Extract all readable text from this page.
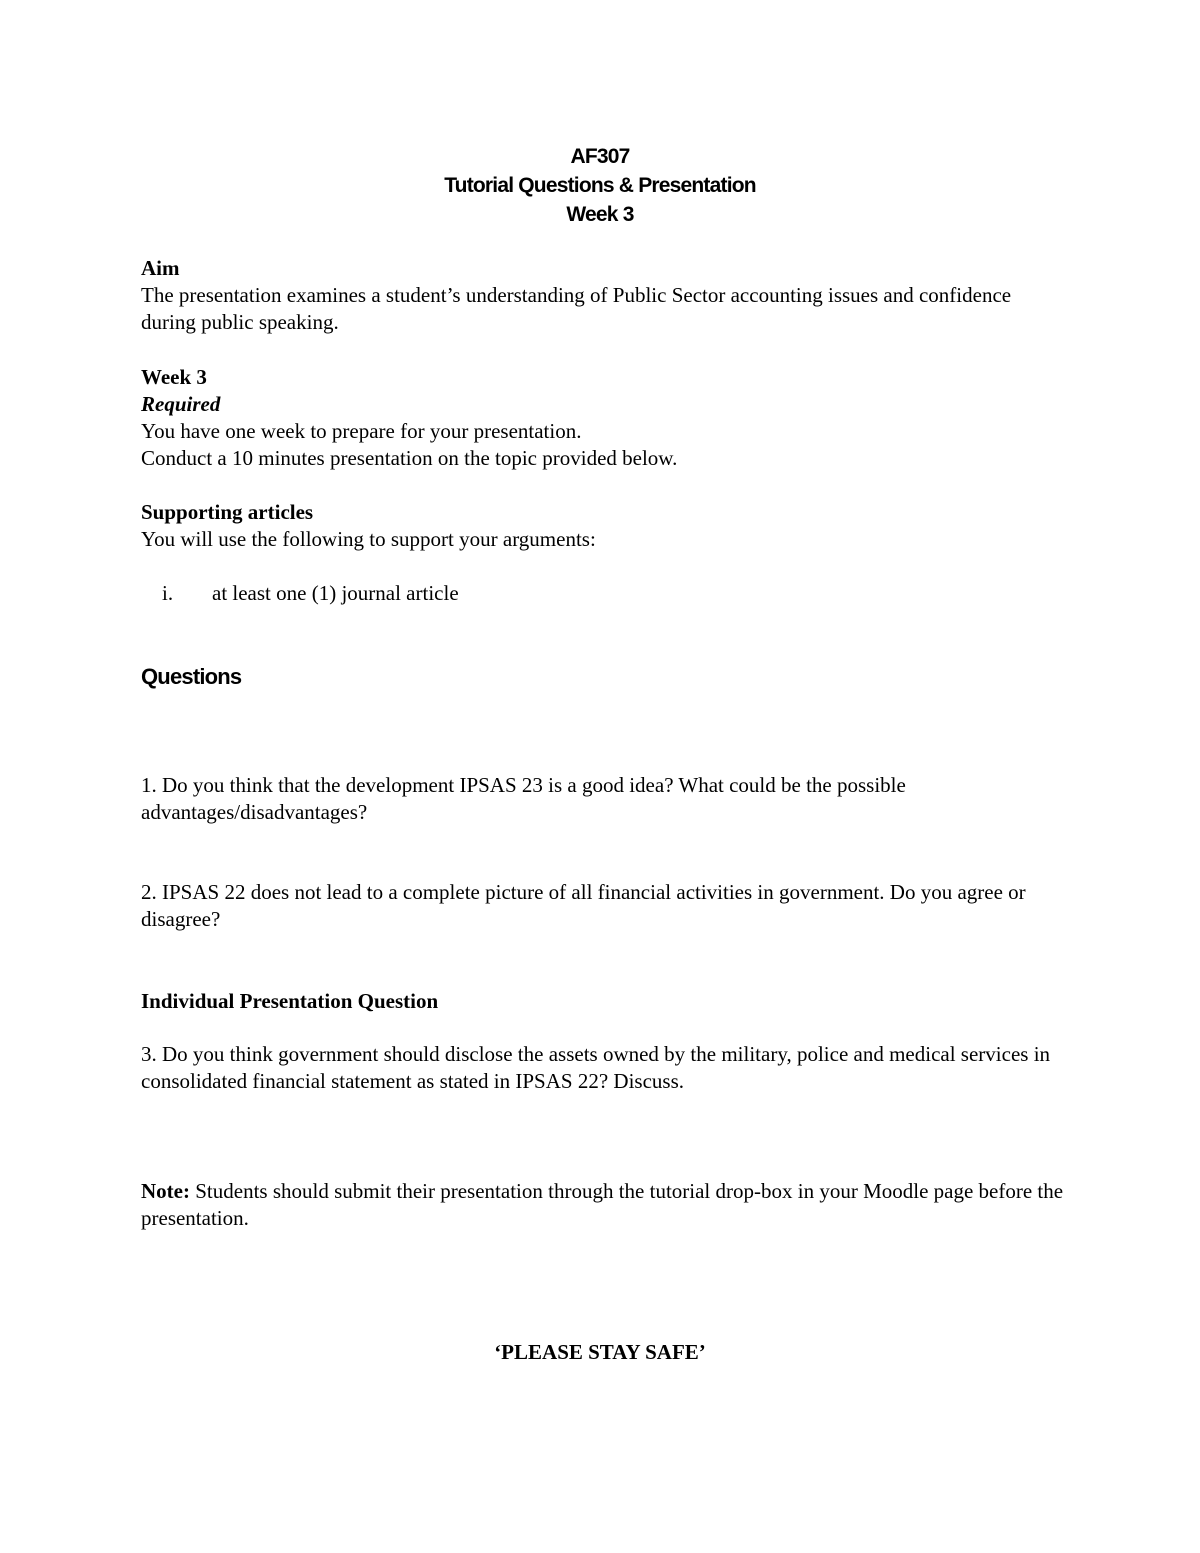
AF307
Tutorial Questions & Presentation
Week 3
Aim
The presentation examines a student’s understanding of Public Sector accounting issues and confidence during public speaking.
Week 3
Required
You have one week to prepare for your presentation.
Conduct a 10 minutes presentation on the topic provided below.
Supporting articles
You will use the following to support your arguments:
i. at least one (1) journal article
Questions
1. Do you think that the development IPSAS 23 is a good idea? What could be the possible advantages/disadvantages?
2. IPSAS 22 does not lead to a complete picture of all financial activities in government. Do you agree or disagree?
Individual Presentation Question
3. Do you think government should disclose the assets owned by the military, police and medical services in consolidated financial statement as stated in IPSAS 22? Discuss.
Note: Students should submit their presentation through the tutorial drop-box in your Moodle page before the presentation.
‘PLEASE STAY SAFE’
